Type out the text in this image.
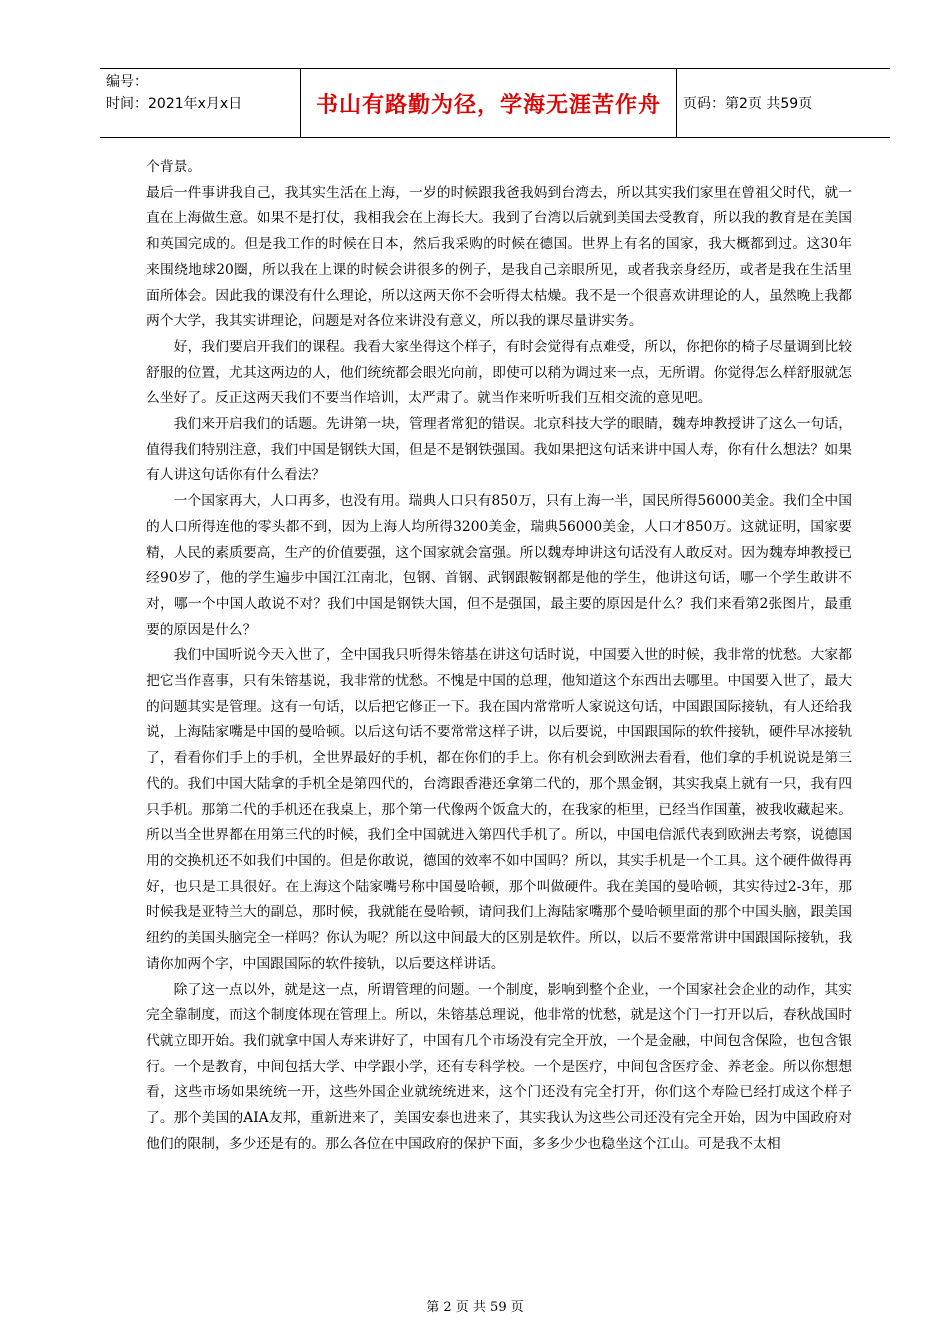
编号：
时间：2021年x月x日	书山有路勤为径，学海无涯苦作舟	页码：第2页 共59页

个背景。

最后一件事讲我自己，我其实生活在上海，一岁的时候跟我爸我妈到台湾去，所以其实我们家里在曾祖父时代，就一直在上海做生意。如果不是打仗，我相我会在上海长大。我到了台湾以后就到美国去受教育，所以我的教育是在美国和英国完成的。但是我工作的时候在日本，然后我采购的时候在德国。世界上有名的国家，我大概都到过。这30年来围绕地球20圈，所以我在上课的时候会讲很多的例子，是我自己亲眼所见，或者我亲身经历，或者是我在生活里面所体会。因此我的课没有什么理论，所以这两天你不会听得太枯燥。我不是一个很喜欢讲理论的人，虽然晚上我都两个大学，我其实讲理论，问题是对各位来讲没有意义，所以我的课尽量讲实务。

好，我们要启开我们的课程。我看大家坐得这个样子，有时会觉得有点难受，所以，你把你的椅子尽量调到比较舒服的位置，尤其这两边的人，他们统统都会眼光向前，即使可以稍为调过来一点，无所谓。你觉得怎么样舒服就怎么坐好了。反正这两天我们不要当作培训，太严肃了。就当作来听听我们互相交流的意见吧。

我们来开启我们的话题。先讲第一块，管理者常犯的错误。北京科技大学的眼睛，魏寿坤教授讲了这么一句话，值得我们特别注意，我们中国是钢铁大国，但是不是钢铁强国。我如果把这句话来讲中国人寿，你有什么想法？如果有人讲这句话你有什么看法？

一个国家再大，人口再多，也没有用。瑞典人口只有850万，只有上海一半，国民所得56000美金。我们全中国的人口所得连他的零头都不到，因为上海人均所得3200美金，瑞典56000美金，人口才850万。这就证明，国家要精，人民的素质要高，生产的价值要强，这个国家就会富强。所以魏寿坤讲这句话没有人敢反对。因为魏寿坤教授已经90岁了，他的学生遍步中国江江南北，包钢、首钢、武钢跟鞍钢都是他的学生，他讲这句话，哪一个学生敢讲不对，哪一个中国人敢说不对？我们中国是钢铁大国，但不是强国，最主要的原因是什么？我们来看第2张图片，最重要的原因是什么？

我们中国听说今天入世了，全中国我只听得朱镕基在讲这句话时说，中国要入世的时候，我非常的忧愁。大家都把它当作喜事，只有朱镕基说，我非常的忧愁。不愧是中国的总理，他知道这个东西出去哪里。中国要入世了，最大的问题其实是管理。这有一句话，以后把它修正一下。我在国内常常听人家说这句话，中国跟国际接轨，有人还给我说，上海陆家嘴是中国的曼哈顿。以后这句话不要常常这样子讲，以后要说，中国跟国际的软件接轨，硬件早冰接轨了，看看你们手上的手机，全世界最好的手机，都在你们的手上。你有机会到欧洲去看看，他们拿的手机说说是第三代的。我们中国大陆拿的手机全是第四代的，台湾跟香港还拿第二代的，那个黑金钢，其实我桌上就有一只，我有四只手机。那第二代的手机还在我桌上，那个第一代像两个饭盒大的，在我家的柜里，已经当作国董，被我收藏起来。所以当全世界都在用第三代的时候，我们全中国就进入第四代手机了。所以，中国电信派代表到欧洲去考察，说德国用的交换机还不如我们中国的。但是你敢说，德国的效率不如中国吗？所以，其实手机是一个工具。这个硬件做得再好，也只是工具很好。在上海这个陆家嘴号称中国曼哈顿，那个叫做硬件。我在美国的曼哈顿，其实待过2-3年，那时候我是亚特兰大的副总，那时候，我就能在曼哈顿，请问我们上海陆家嘴那个曼哈顿里面的那个中国头脑，跟美国纽约的美国头脑完全一样吗？你认为呢？所以这中间最大的区别是软件。所以，以后不要常常讲中国跟国际接轨，我请你加两个字，中国跟国际的软件接轨，以后要这样讲话。

除了这一点以外，就是这一点，所谓管理的问题。一个制度，影响到整个企业，一个国家社会企业的动作，其实完全靠制度，而这个制度体现在管理上。所以，朱镕基总理说，他非常的忧愁，就是这个门一打开以后，春秋战国时代就立即开始。我们就拿中国人寿来讲好了，中国有几个市场没有完全开放，一个是金融，中间包含保险，也包含银行。一个是教育，中间包括大学、中学跟小学，还有专科学校。一个是医疗，中间包含医疗金、养老金。所以你想想看，这些市场如果统统一开，这些外国企业就统统进来，这个门还没有完全打开，你们这个寿险已经打成这个样子了。那个美国的AIA友邦，重新进来了，美国安泰也进来了，其实我认为这些公司还没有完全开始，因为中国政府对他们的限制，多少还是有的。那么各位在中国政府的保护下面，多多少少也稳坐这个江山。可是我不太相

第 2 页 共 59 页
